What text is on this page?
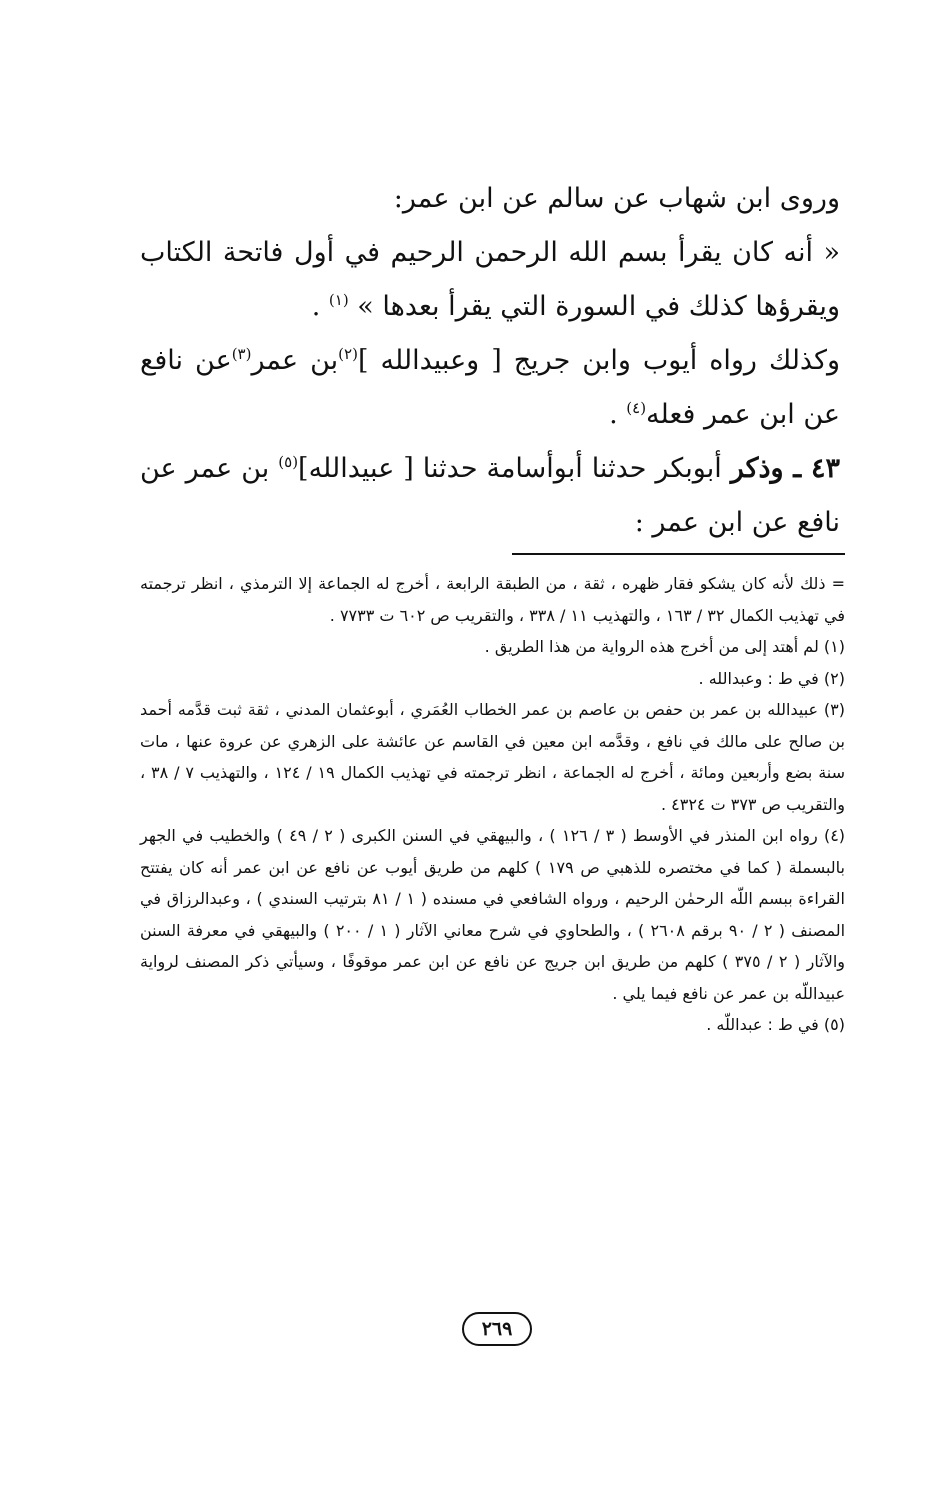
وروى ابن شهاب عن سالم عن ابن عمر:

« أنه كان يقرأ بسم الله الرحمن الرحيم في أول فاتحة الكتاب ويقرؤها كذلك في السورة التي يقرأ بعدها » $^{(١)}$ .

وكذلك رواه أيوب وابن جريج [ وعبيدالله ]$^{(٢)}$بن عمر$^{(٣)}$عن نافع عن ابن عمر فعله$^{(٤)}$ .

٤٣ ـ وذكر أبوبكر حدثنا أبوأسامة حدثنا [ عبيدالله]$^{(٥)}$ بن عمر عن نافع عن ابن عمر :

= ذلك لأنه كان يشكو فقار ظهره ، ثقة ، من الطبقة الرابعة ، أخرج له الجماعة إلا الترمذي ، انظر ترجمته في تهذيب الكمال ٣٢ / ١٦٣ ، والتهذيب ١١ / ٣٣٨ ، والتقريب ص ٦٠٢ ت ٧٧٣٣ .

(١) لم أهتد إلى من أخرج هذه الرواية من هذا الطريق .

(٢) في ط : وعبدالله .

(٣) عبيدالله بن عمر بن حفص بن عاصم بن عمر الخطاب العُمَري ، أبوعثمان المدني ، ثقة ثبت قدَّمه أحمد بن صالح على مالك في نافع ، وقدَّمه ابن معين في القاسم عن عائشة على الزهري عن عروة عنها ، مات سنة بضع وأربعين ومائة ، أخرج له الجماعة ، انظر ترجمته في تهذيب الكمال ١٩ / ١٢٤ ، والتهذيب ٧ / ٣٨ ، والتقريب ص ٣٧٣ ت ٤٣٢٤ .

(٤) رواه ابن المنذر في الأوسط ( ٣ / ١٢٦ ) ، والبيهقي في السنن الكبرى ( ٢ / ٤٩ ) والخطيب في الجهر بالبسملة ( كما في مختصره للذهبي ص ١٧٩ ) كلهم من طريق أيوب عن نافع عن ابن عمر أنه كان يفتتح القراءة ببسم اللّه الرحمٰن الرحيم ، ورواه الشافعي في مسنده ( ١ / ٨١ بترتيب السندي ) ، وعبدالرزاق في المصنف ( ٢ / ٩٠ برقم ٢٦٠٨ ) ، والطحاوي في شرح معاني الآثار ( ١ / ٢٠٠ ) والبيهقي في معرفة السنن والآثار ( ٢ / ٣٧٥ ) كلهم من طريق ابن جريج عن نافع عن ابن عمر موقوفًا ، وسيأتي ذكر المصنف لرواية عبيداللّه بن عمر عن نافع فيما يلي .

(٥) في ط : عبداللّه .

٢٦٩
